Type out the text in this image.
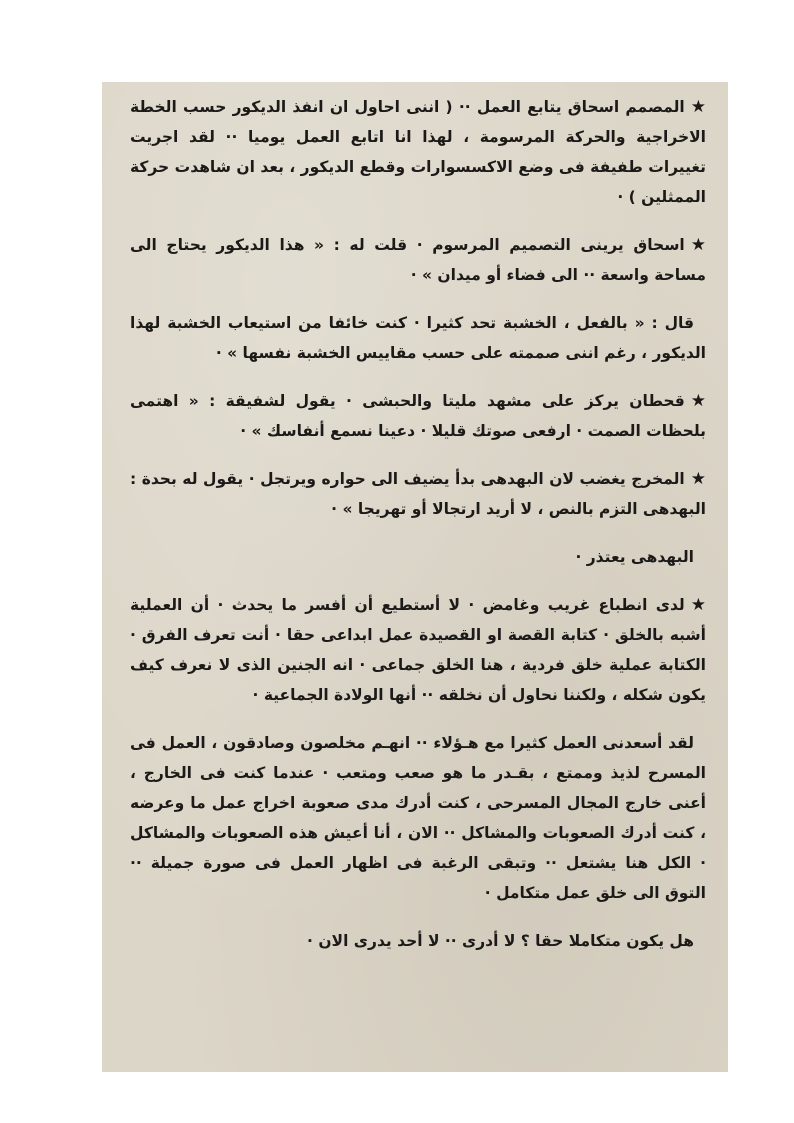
★المصمم اسحاق يتابع العمل ·· ( اننى احاول ان انفذ الديكور حسب الخطة الاخراجية والحركة المرسومة ، لهذا انا اتابع العمل يوميا ·· لقد اجريت تغييرات طفيفة فى وضع الاكسسوارات وقطع الديكور ، بعد ان شاهدت حركة الممثلين ) ·

★اسحاق يرينى التصميم المرسوم · قلت له : « هذا الديكور يحتاج الى مساحة واسعة ·· الى فضاء أو ميدان » ·

قال : « بالفعل ، الخشبة تحد كثيرا · كنت خائفا من استيعاب الخشبة لهذا الديكور ، رغم اننى صممته على حسب مقاييس الخشبة نفسها » ·

★قحطان يركز على مشهد مليتا والحبشى · يقول لشفيقة : « اهتمى بلحظات الصمت · ارفعى صوتك قليلا · دعينا نسمع أنفاسك » ·

★المخرج يغضب لان البهدهى بدأ يضيف الى حواره ويرتجل · يقول له بحدة : البهدهى التزم بالنص ، لا أريد ارتجالا أو تهريجا » ·

البهدهى يعتذر ·

★لدى انطباع غريب وغامض · لا أستطيع أن أفسر ما يحدث · أن العملية أشبه بالخلق · كتابة القصة او القصيدة عمل ابداعى حقا · أنت تعرف الفرق · الكتابة عملية خلق فردية ، هنا الخلق جماعى · انه الجنين الذى لا نعرف كيف يكون شكله ، ولكننا نحاول أن نخلقه ·· أنها الولادة الجماعية ·

لقد أسعدنى العمل كثيرا مع هـؤلاء ·· انهـم مخلصون وصادقون ، العمل فى المسرح لذيذ وممتع ، بقـدر ما هو صعب ومتعب · عندما كنت فى الخارج ، أعنى خارج المجال المسرحى ، كنت أدرك مدى صعوبة اخراج عمل ما وعرضه ، كنت أدرك الصعوبات والمشاكل ·· الان ، أنا أعيش هذه الصعوبات والمشاكل · الكل هنا يشتعل ·· وتبقى الرغبة فى اظهار العمل فى صورة جميلة ·· التوق الى خلق عمل متكامل ·

هل يكون متكاملا حقا ؟ لا أدرى ·· لا أحد يدرى الان ·
